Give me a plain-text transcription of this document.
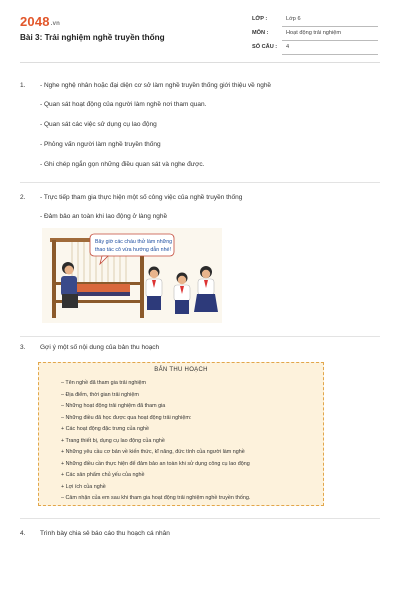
2048.vn
Bài 3: Trải nghiệm nghề truyền thống
LỚP :	Lớp 6
MÔN :	Hoạt động trải nghiệm
SỐ CÂU : 4
1.	- Nghe nghệ nhân hoặc đại diện cơ sở làm nghề truyền thống giới thiệu về nghề
- Quan sát hoạt động của người làm nghề nơi tham quan.
- Quan sát các việc sử dụng cụ lao động
- Phỏng vấn người làm nghề truyền thống
- Ghi chép ngắn gọn những điều quan sát và nghe được.
2.	- Trực tiếp tham gia thực hiện một số công việc của nghề truyền thống
- Đảm bảo an toàn khi lao động ở làng nghề
Bây giờ các cháu thử làm những
thao tác cô vừa hướng dẫn nhé!
3.	Gợi ý một số nội dung của bản thu hoạch
BẢN THU HOẠCH
– Tên nghề đã tham gia trải nghiệm
– Địa điểm, thời gian trải nghiệm
– Những hoạt động trải nghiệm đã tham gia
– Những điều đã học được qua hoạt động trải nghiệm:
+ Các hoạt động đặc trưng của nghề
+ Trang thiết bị, dụng cụ lao động của nghề
+ Những yêu cầu cơ bản về kiến thức, kĩ năng, đức tính của người làm nghề
+ Những điều cần thực hiện để đảm bảo an toàn khi sử dụng công cụ lao động
+ Các sản phẩm chủ yếu của nghề
+ Lợi ích của nghề
– Cảm nhận của em sau khi tham gia hoạt động trải nghiệm nghề truyền thống.
4.	Trình bày chia sẻ báo cáo thu hoạch cá nhân
